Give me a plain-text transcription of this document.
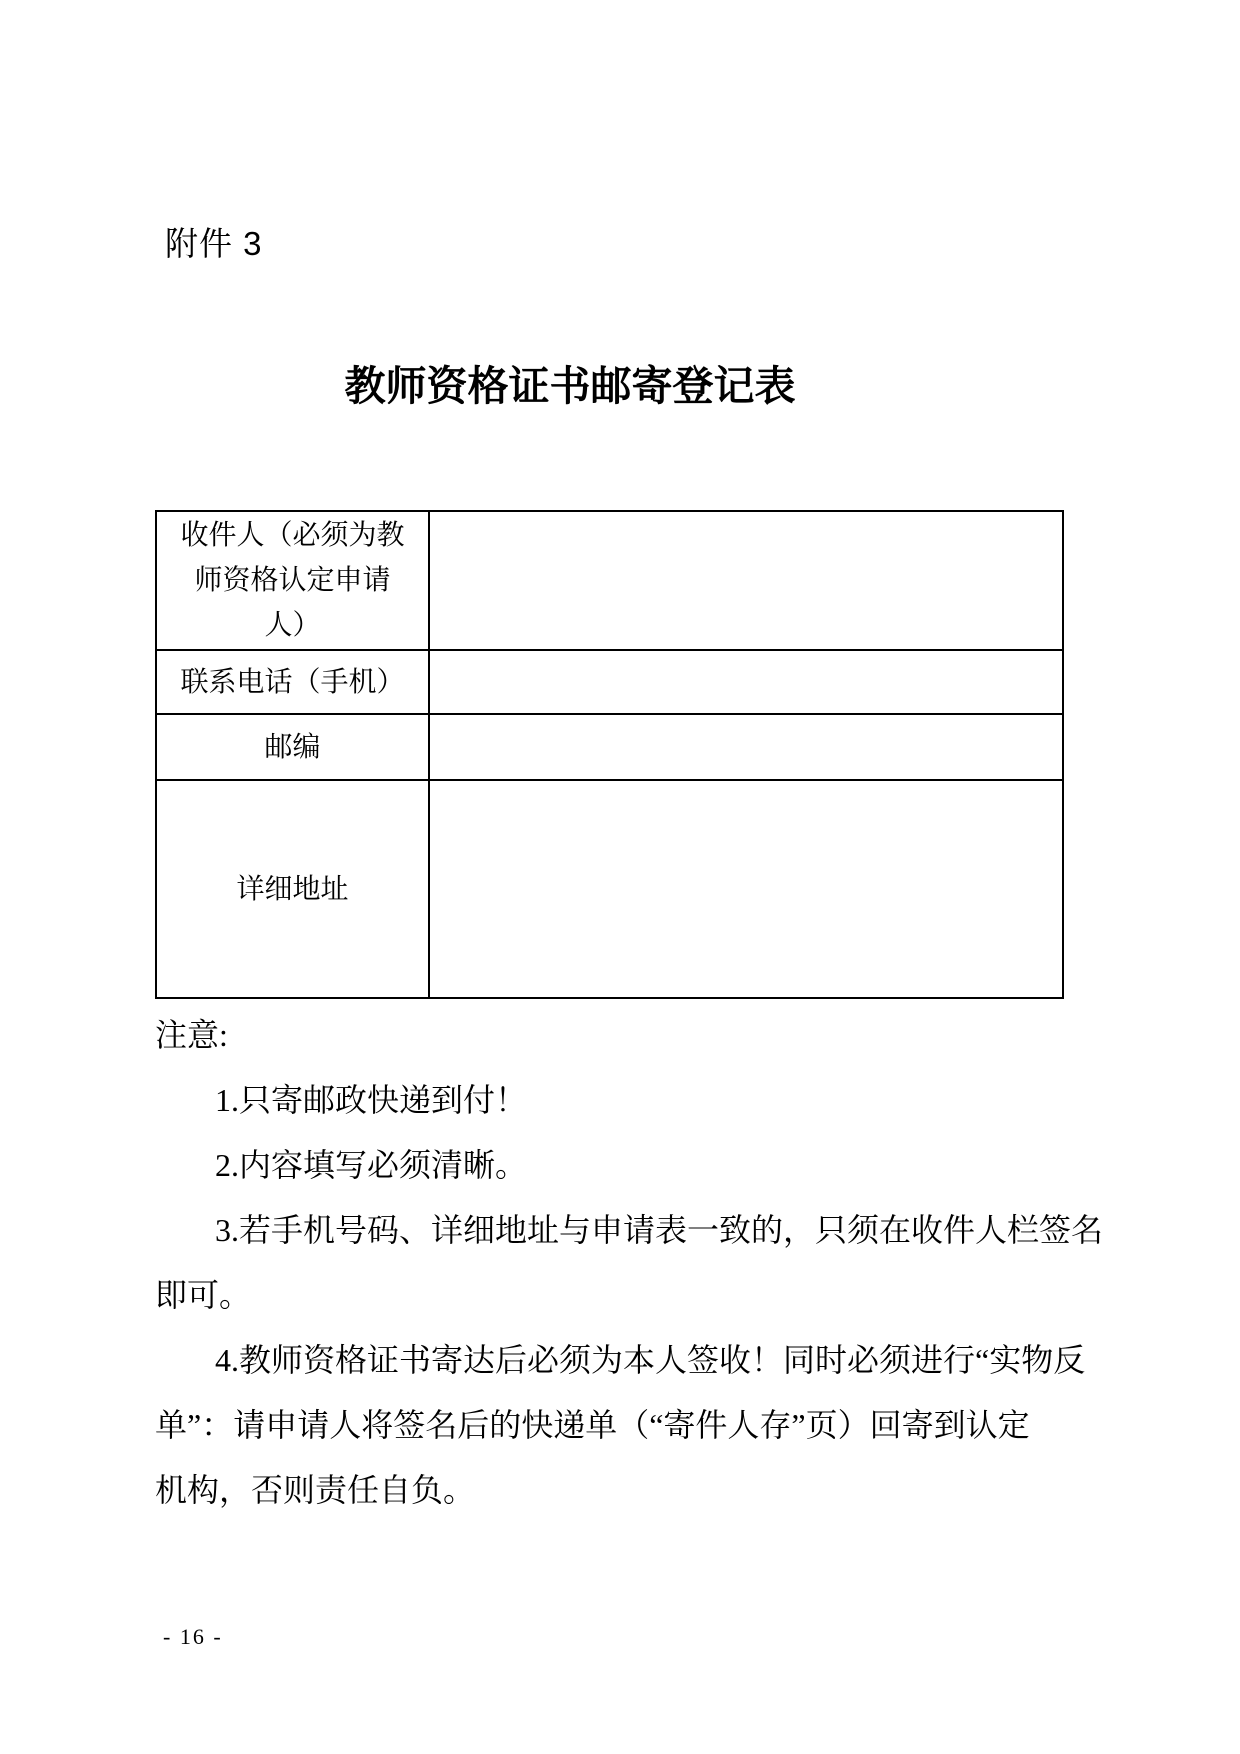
附件 3
教师资格证书邮寄登记表
收件人（必须为教师资格认定申请人）	
联系电话（手机）	
邮编	
详细地址	
注意:
1.只寄邮政快递到付！
2.内容填写必须清晰。
3.若手机号码、详细地址与申请表一致的，只须在收件人栏签名
即可。
4.教师资格证书寄达后必须为本人签收！同时必须进行“实物反
单”：请申请人将签名后的快递单（“寄件人存”页）回寄到认定
机构，否则责任自负。
- 16 -
